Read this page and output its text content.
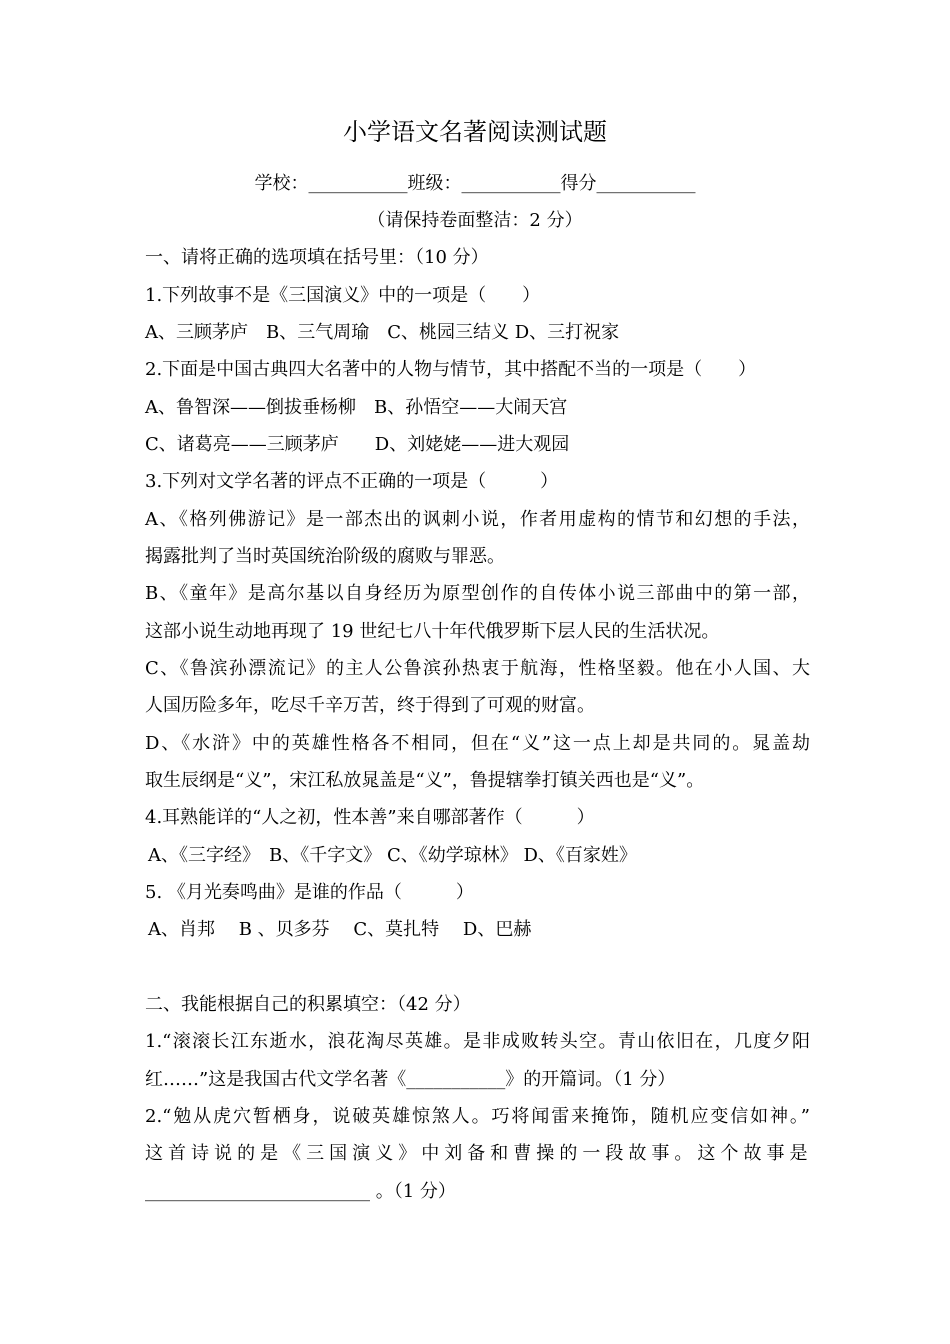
小学语文名著阅读测试题
学校：___________班级：___________得分___________
（请保持卷面整洁：2 分）
一、请将正确的选项填在括号里：（10 分）
1.下列故事不是《三国演义》中的一项是（　　）
A、三顾茅庐　B、三气周瑜　C、桃园三结义 D、三打祝家
2.下面是中国古典四大名著中的人物与情节，其中搭配不当的一项是（　　）
A、鲁智深——倒拔垂杨柳　B、孙悟空——大闹天宫
C、诸葛亮——三顾茅庐　　D、刘姥姥——进大观园
3.下列对文学名著的评点不正确的一项是（　　　）
A、《格列佛游记》是一部杰出的讽刺小说，作者用虚构的情节和幻想的手法，
揭露批判了当时英国统治阶级的腐败与罪恶。
B、《童年》是高尔基以自身经历为原型创作的自传体小说三部曲中的第一部，
这部小说生动地再现了 19 世纪七八十年代俄罗斯下层人民的生活状况。
C、《鲁滨孙漂流记》的主人公鲁滨孙热衷于航海，性格坚毅。他在小人国、大
人国历险多年，吃尽千辛万苦，终于得到了可观的财富。
D、《水浒》中的英雄性格各不相同，但在“义”这一点上却是共同的。晁盖劫
取生辰纲是“义”，宋江私放晁盖是“义”，鲁提辖拳打镇关西也是“义”。
4.耳熟能详的“人之初，性本善”来自哪部著作（　　　）
A、《三字经》　B、《千字文》 C、《幼学琼林》 D、《百家姓》
5. 《月光奏鸣曲》是谁的作品（　　　）
A、肖邦　 B 、贝多芬　 C、莫扎特　 D、巴赫
二、我能根据自己的积累填空：（42 分）
1.“滚滚长江东逝水，浪花淘尽英雄。是非成败转头空。青山依旧在，几度夕阳
红……”这是我国古代文学名著《___________》的开篇词。（1 分）
2.“勉从虎穴暂栖身，说破英雄惊煞人。巧将闻雷来掩饰，随机应变信如神。”
这首诗说的是《三国演义》中刘备和曹操的一段故事。这个故事是
_________________________ 。（1 分）
